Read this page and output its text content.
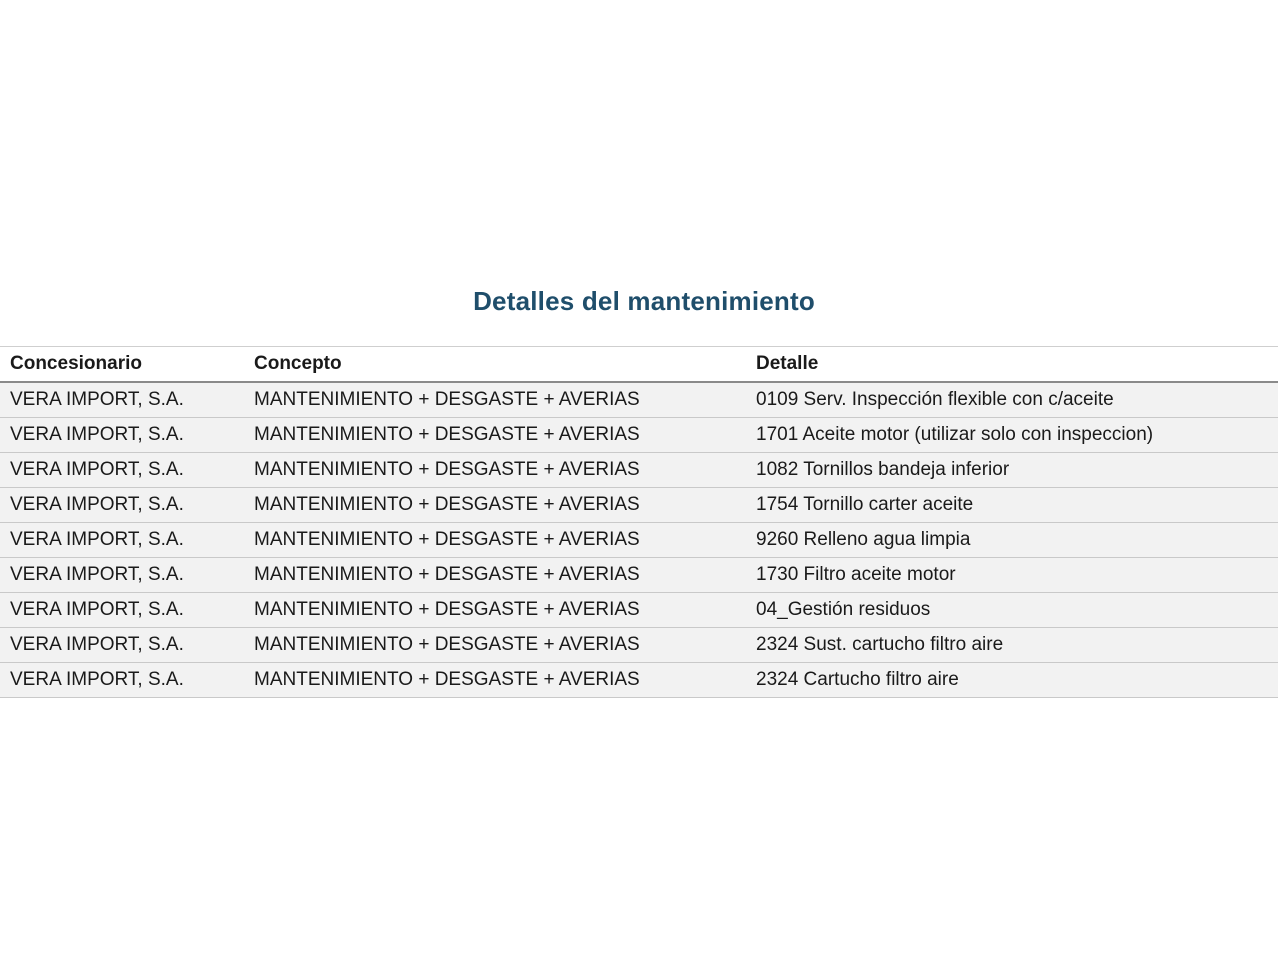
Detalles del mantenimiento
Concesionario	Concepto	Detalle
VERA IMPORT, S.A.	MANTENIMIENTO + DESGASTE + AVERIAS	0109 Serv. Inspección flexible con c/aceite
VERA IMPORT, S.A.	MANTENIMIENTO + DESGASTE + AVERIAS	1701 Aceite motor (utilizar solo con inspeccion)
VERA IMPORT, S.A.	MANTENIMIENTO + DESGASTE + AVERIAS	1082 Tornillos bandeja inferior
VERA IMPORT, S.A.	MANTENIMIENTO + DESGASTE + AVERIAS	1754 Tornillo carter aceite
VERA IMPORT, S.A.	MANTENIMIENTO + DESGASTE + AVERIAS	9260 Relleno agua limpia
VERA IMPORT, S.A.	MANTENIMIENTO + DESGASTE + AVERIAS	1730 Filtro aceite motor
VERA IMPORT, S.A.	MANTENIMIENTO + DESGASTE + AVERIAS	04_Gestión residuos
VERA IMPORT, S.A.	MANTENIMIENTO + DESGASTE + AVERIAS	2324 Sust. cartucho filtro aire
VERA IMPORT, S.A.	MANTENIMIENTO + DESGASTE + AVERIAS	2324 Cartucho filtro aire
